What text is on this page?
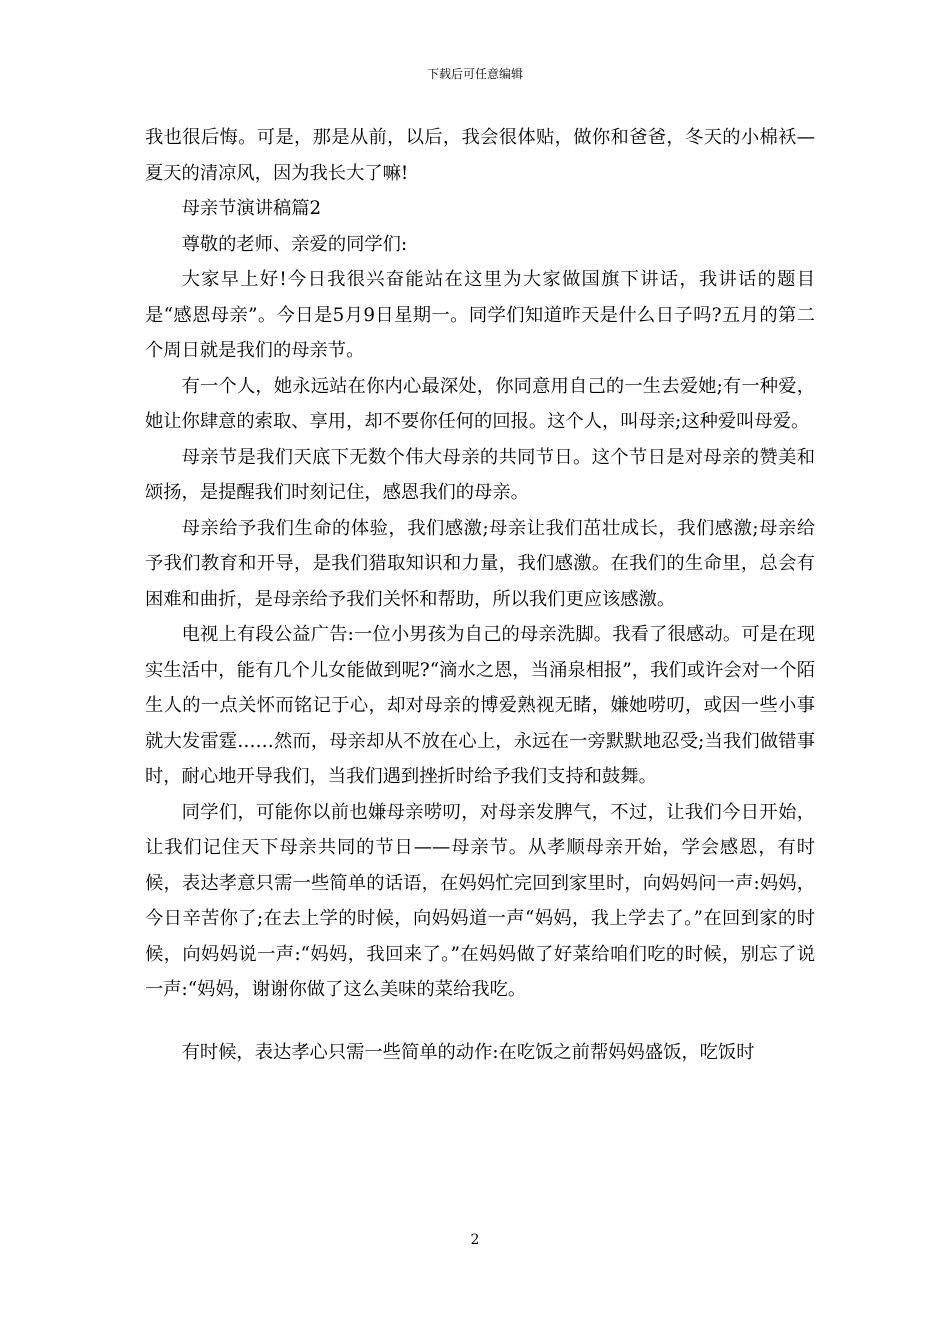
下载后可任意编辑

我也很后悔。可是，那是从前，以后，我会很体贴，做你和爸爸，冬天的小棉袄—夏天的清凉风，因为我长大了嘛!

母亲节演讲稿篇2

尊敬的老师、亲爱的同学们:

大家早上好!今日我很兴奋能站在这里为大家做国旗下讲话，我讲话的题目是“感恩母亲”。今日是5月9日星期一。同学们知道昨天是什么日子吗?五月的第二个周日就是我们的母亲节。

有一个人，她永远站在你内心最深处，你同意用自己的一生去爱她;有一种爱，她让你肆意的索取、享用，却不要你任何的回报。这个人，叫母亲;这种爱叫母爱。

母亲节是我们天底下无数个伟大母亲的共同节日。这个节日是对母亲的赞美和颂扬，是提醒我们时刻记住，感恩我们的母亲。

母亲给予我们生命的体验，我们感激;母亲让我们茁壮成长，我们感激;母亲给予我们教育和开导，是我们猎取知识和力量，我们感激。在我们的生命里，总会有困难和曲折，是母亲给予我们关怀和帮助，所以我们更应该感激。

电视上有段公益广告:一位小男孩为自己的母亲洗脚。我看了很感动。可是在现实生活中，能有几个儿女能做到呢?“滴水之恩，当涌泉相报”，我们或许会对一个陌生人的一点关怀而铭记于心，却对母亲的博爱熟视无睹，嫌她唠叨，或因一些小事就大发雷霆……然而，母亲却从不放在心上，永远在一旁默默地忍受;当我们做错事时，耐心地开导我们，当我们遇到挫折时给予我们支持和鼓舞。

同学们，可能你以前也嫌母亲唠叨，对母亲发脾气，不过，让我们今日开始，让我们记住天下母亲共同的节日——母亲节。从孝顺母亲开始，学会感恩，有时候，表达孝意只需一些简单的话语，在妈妈忙完回到家里时，向妈妈问一声:妈妈，今日辛苦你了;在去上学的时候，向妈妈道一声“妈妈，我上学去了。”在回到家的时候，向妈妈说一声:“妈妈，我回来了。”在妈妈做了好菜给咱们吃的时候，别忘了说一声:“妈妈，谢谢你做了这么美味的菜给我吃。

有时候，表达孝心只需一些简单的动作:在吃饭之前帮妈妈盛饭，吃饭时

2
